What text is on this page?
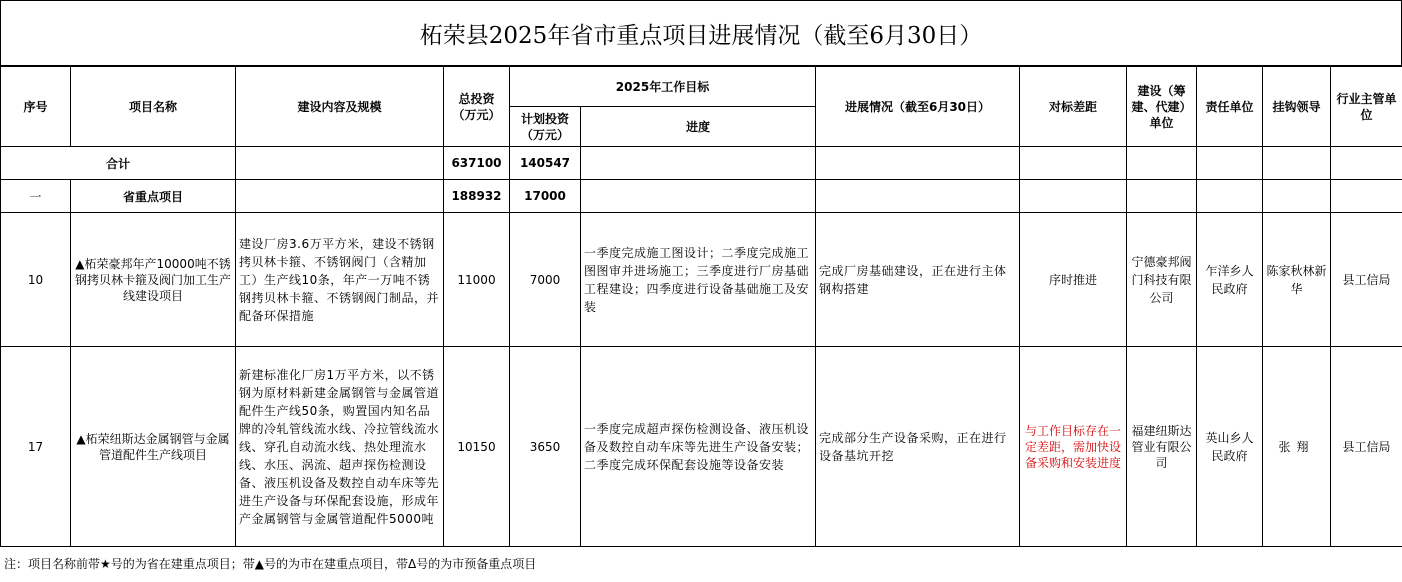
柘荣县2025年省市重点项目进展情况（截至6月30日）
序号	项目名称	建设内容及规模	总投资（万元）	2025年工作目标		进展情况（截至6月30日）	对标差距	建设（筹建、代建）单位	责任单位	挂钩领导	行业主管单位
				计划投资（万元）	进度						
合计			637100	140547							
一	省重点项目		188932	17000							
10	▲柘荣豪邦年产10000吨不锈钢拷贝林卡箍及阀门加工生产线建设项目	建设厂房3.6万平方米，建设不锈钢拷贝林卡箍、不锈钢阀门（含精加工）生产线10条，年产一万吨不锈钢拷贝林卡箍、不锈钢阀门制品，并配备环保措施	11000	7000	一季度完成施工图设计；二季度完成施工图图审并进场施工；三季度进行厂房基础工程建设；四季度进行设备基础施工及安装	完成厂房基础建设，正在进行主体钢构搭建	序时推进	宁德豪邦阀门科技有限公司	乍洋乡人民政府	陈家秋林新华	县工信局
17	▲柘荣纽斯达金属钢管与金属管道配件生产线项目	新建标准化厂房1万平方米，以不锈钢为原材料新建金属钢管与金属管道配件生产线50条，购置国内知名品牌的冷轧管线流水线、冷拉管线流水线、穿孔自动流水线、热处理流水线、水压、涡流、超声探伤检测设备、液压机设备及数控自动车床等先进生产设备与环保配套设施，形成年产金属钢管与金属管道配件5000吨	10150	3650	一季度完成超声探伤检测设备、液压机设备及数控自动车床等先进生产设备安装；二季度完成环保配套设施等设备安装	完成部分生产设备采购，正在进行设备基坑开挖	与工作目标存在一定差距，需加快设备采购和安装进度	福建纽斯达管业有限公司	英山乡人民政府	张翔	县工信局
注：项目名称前带★号的为省在建重点项目；带▲号的为市在建重点项目，带Δ号的为市预备重点项目
